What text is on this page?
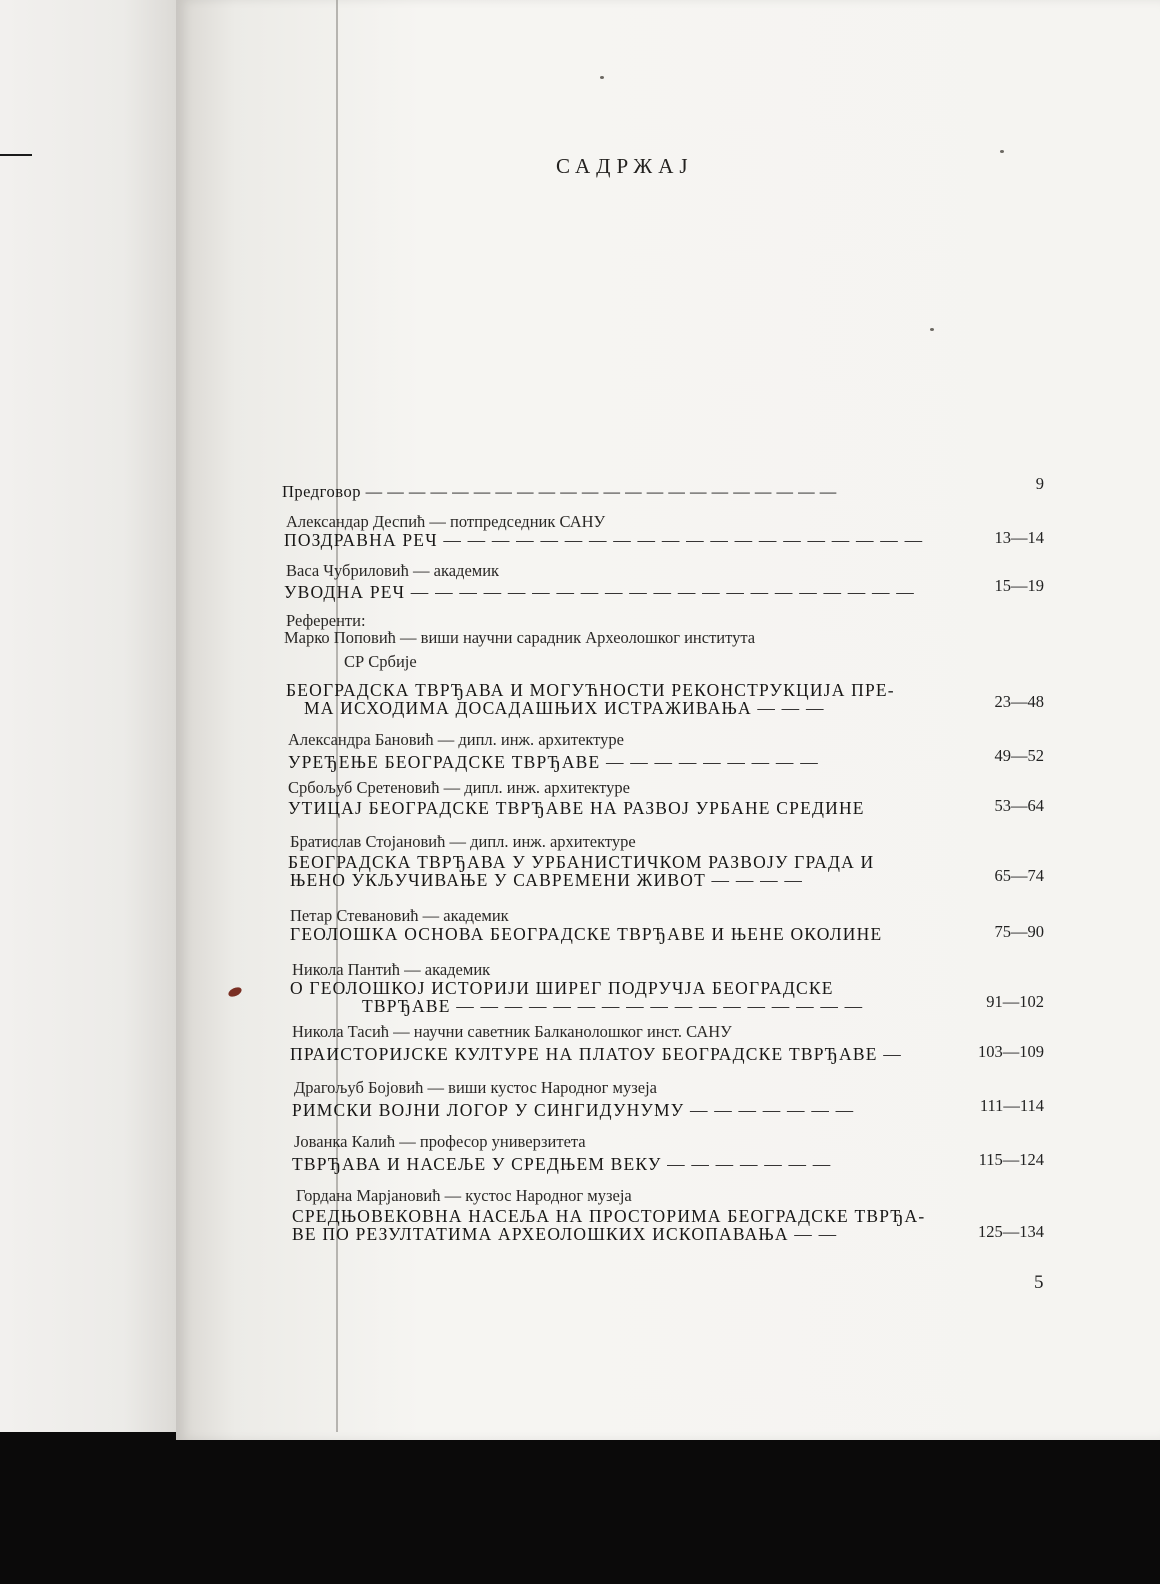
САДРЖАЈ
Предговор — — — — — — — — — — — — — — — — — — — — — —	9
Александар Деспић — потпредседник САНУ
ПОЗДРАВНА РЕЧ — — — — — — — — — — — — — — — — — — — —	13—14
Васа Чубриловић — академик
УВОДНА РЕЧ — — — — — — — — — — — — — — — — — — — — —	15—19
Референти:
Марко Поповић — виши научни сарадник Археолошког института
СР Србије
БЕОГРАДСКА ТВРЂАВА И МОГУЋНОСТИ РЕКОНСТРУКЦИЈА ПРЕ-
МА ИСХОДИМА ДОСАДАШЊИХ ИСТРАЖИВАЊА — — —	23—48
Александра Бановић — дипл. инж. архитектуре
УРЕЂЕЊЕ БЕОГРАДСКЕ ТВРЂАВЕ — — — — — — — — —	49—52
Србољуб Сретеновић — дипл. инж. архитектуре
УТИЦАЈ БЕОГРАДСКЕ ТВРЂАВЕ НА РАЗВОЈ УРБАНЕ СРЕДИНЕ	53—64
Братислав Стојановић — дипл. инж. архитектуре
БЕОГРАДСКА ТВРЂАВА У УРБАНИСТИЧКОМ РАЗВОЈУ ГРАДА И
ЊЕНО УКЉУЧИВАЊЕ У САВРЕМЕНИ ЖИВОТ — — — —	65—74
Петар Стевановић — академик
ГЕОЛОШКА ОСНОВА БЕОГРАДСКЕ ТВРЂАВЕ И ЊЕНЕ ОКОЛИНЕ	75—90
Никола Пантић — академик
О ГЕОЛОШКОЈ ИСТОРИЈИ ШИРЕГ ПОДРУЧЈА БЕОГРАДСКЕ
ТВРЂАВЕ — — — — — — — — — — — — — — — — —	91—102
Никола Тасић — научни саветник Балканолошког инст. САНУ
ПРАИСТОРИЈСКЕ КУЛТУРЕ НА ПЛАТОУ БЕОГРАДСКЕ ТВРЂАВЕ —	103—109
Драгољуб Бојовић — виши кустос Народног музеја
РИМСКИ ВОЈНИ ЛОГОР У СИНГИДУНУМУ — — — — — — —	111—114
Јованка Калић — професор универзитета
ТВРЂАВА И НАСЕЉЕ У СРЕДЊЕМ ВЕКУ — — — — — — —	115—124
Гордана Марјановић — кустос Народног музеја
СРЕДЊОВЕКОВНА НАСЕЉА НА ПРОСТОРИМА БЕОГРАДСКЕ ТВРЂА-
ВЕ ПО РЕЗУЛТАТИМА АРХЕОЛОШКИХ ИСКОПАВАЊА — —	125—134
5
